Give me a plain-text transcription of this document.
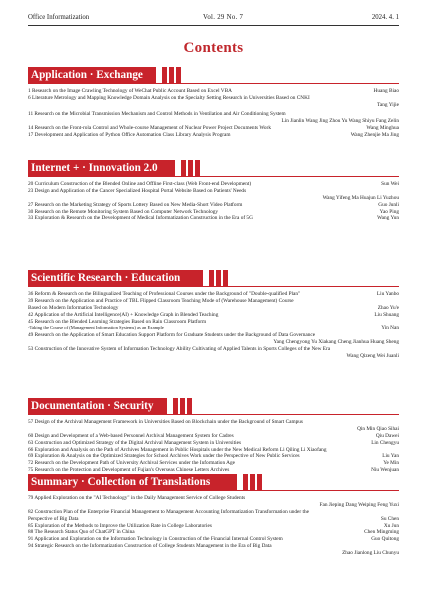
Office Informatization	Vol. 29 No. 7	2024. 4. 1
Contents
Application · Exchange
1 Research on the Image Crawling Technology of WeChat Public Account Based on Excel VBA	Huang Biao
6 Literature Metrology and Mapping Knowledge Domain Analysis on the Specialty Setting Research in Universities Based on CNKI
Tang Yijie
11 Research on the Microbial Transmission Mechanism and Control Methods in Ventilation and Air Conditioning System
Lin Jianlin Wang Jing Zhou Yu Wang Shiyu Fang Zelin
14 Research on the Front-rola Control and Whole-course Management of Nuclear Power Project Documents Work	Wang Minghua
17 Development and Application of Python Office Automation Class Library Analysis Program	Wang Zhenjie Ma Jing
Internet + · Innovation 2.0
20 Curriculum Construction of the Blended Online and Offline First-class (Web Front-end Development)	Sun Wei
23 Design and Application of the Cancer Specialized Hospital Portal Website Based on Patients' Needs
Wang Yifeng Ma Huajun Li Yuzhou
27 Research on the Marketing Strategy of Sports Lottery Based on New Media-Short Video Platform	Guo Junli
30 Research on the Remote Monitoring System Based on Computer Network Technology	Yao Ping
33 Exploration & Research on the Development of Medical Informatization Construction in the Era of 5G	Wang Yun
Scientific Research · Education
36 Reform & Research on the Bilingualized Teaching of Professional Courses under the Background of "Double-qualified Plan"	Liu Yanbo
39 Research on the Application and Practice of TBL Flipped Classroom Teaching Mode of (Warehouse Management) Course
Based on Modern Information Technology	Zhao Yu'e
42 Application of the Artificial Intelligence(AI) + Knowledge Graph in Blended Teaching	Liu Shuang
45 Research on the Blended Learning Strategies Based on Rain Classroom Platform
-Taking the Course of (Management Information Systems) as an Example	Yin Nan
49 Research on the Application of Smart Education Support Platform for Graduate Students under the Background of Data Governance
Yang Chengyong Yu Xiakang Cheng Jianhua Huang Sheng
53 Construction of the Innovative System of Information Technology Ability Cultivating of Applied Talents in Sports Colleges of the New Era
Wang Qizeng Wei Juanli
Documentation · Security
57 Design of the Archival Management Framework in Universities Based on Blockchain under the Background of Smart Campus
Qin Min Qiao Sihai
60 Design and Development of a Web-based Personnel Archival Management System for Cadres	Qiu Dawei
63 Construction and Optimized Strategy of the Digital Archival Management System in Universities	Lin Chengyu
66 Exploration and Analysis on the Path of Archives Management in Public Hospitals under the New Medical Reform Li Qiling Li Xiaofang
69 Exploration & Analysis on the Optimized Strategies for School Archives Work under the Perspective of New Public Services	Liu Yan
72 Research on the Development Path of University Archival Services under the Information Age	Ye Min
75 Research on the Protection and Development of Fujian's Overseas Chinese Letters Archives	Niu Wenjuan
Summary · Collection of Translations
79 Applied Exploration on the "AI Technology" in the Daily Management Service of College Students
Fan Jieping Dang Weiping Feng Yuxi
82 Construction Plan of the Enterprise Financial Management to Management Accounting Informatization Transformation under the
Perspective of Big Data	Su Chen
85 Exploration of the Methods to Improve the Utilization Rate in College Laboratories	Xu Jun
88 The Research Status Quo of ChatGPT in China	Chen Mingming
91 Application and Exploration on the Information Technology in Construction of the Financial Internal Control System	Guo Quitong
94 Strategic Research on the Informatization Construction of College Students Management in the Era of Big Data
Zhao Jianlong Liu Chunyu
